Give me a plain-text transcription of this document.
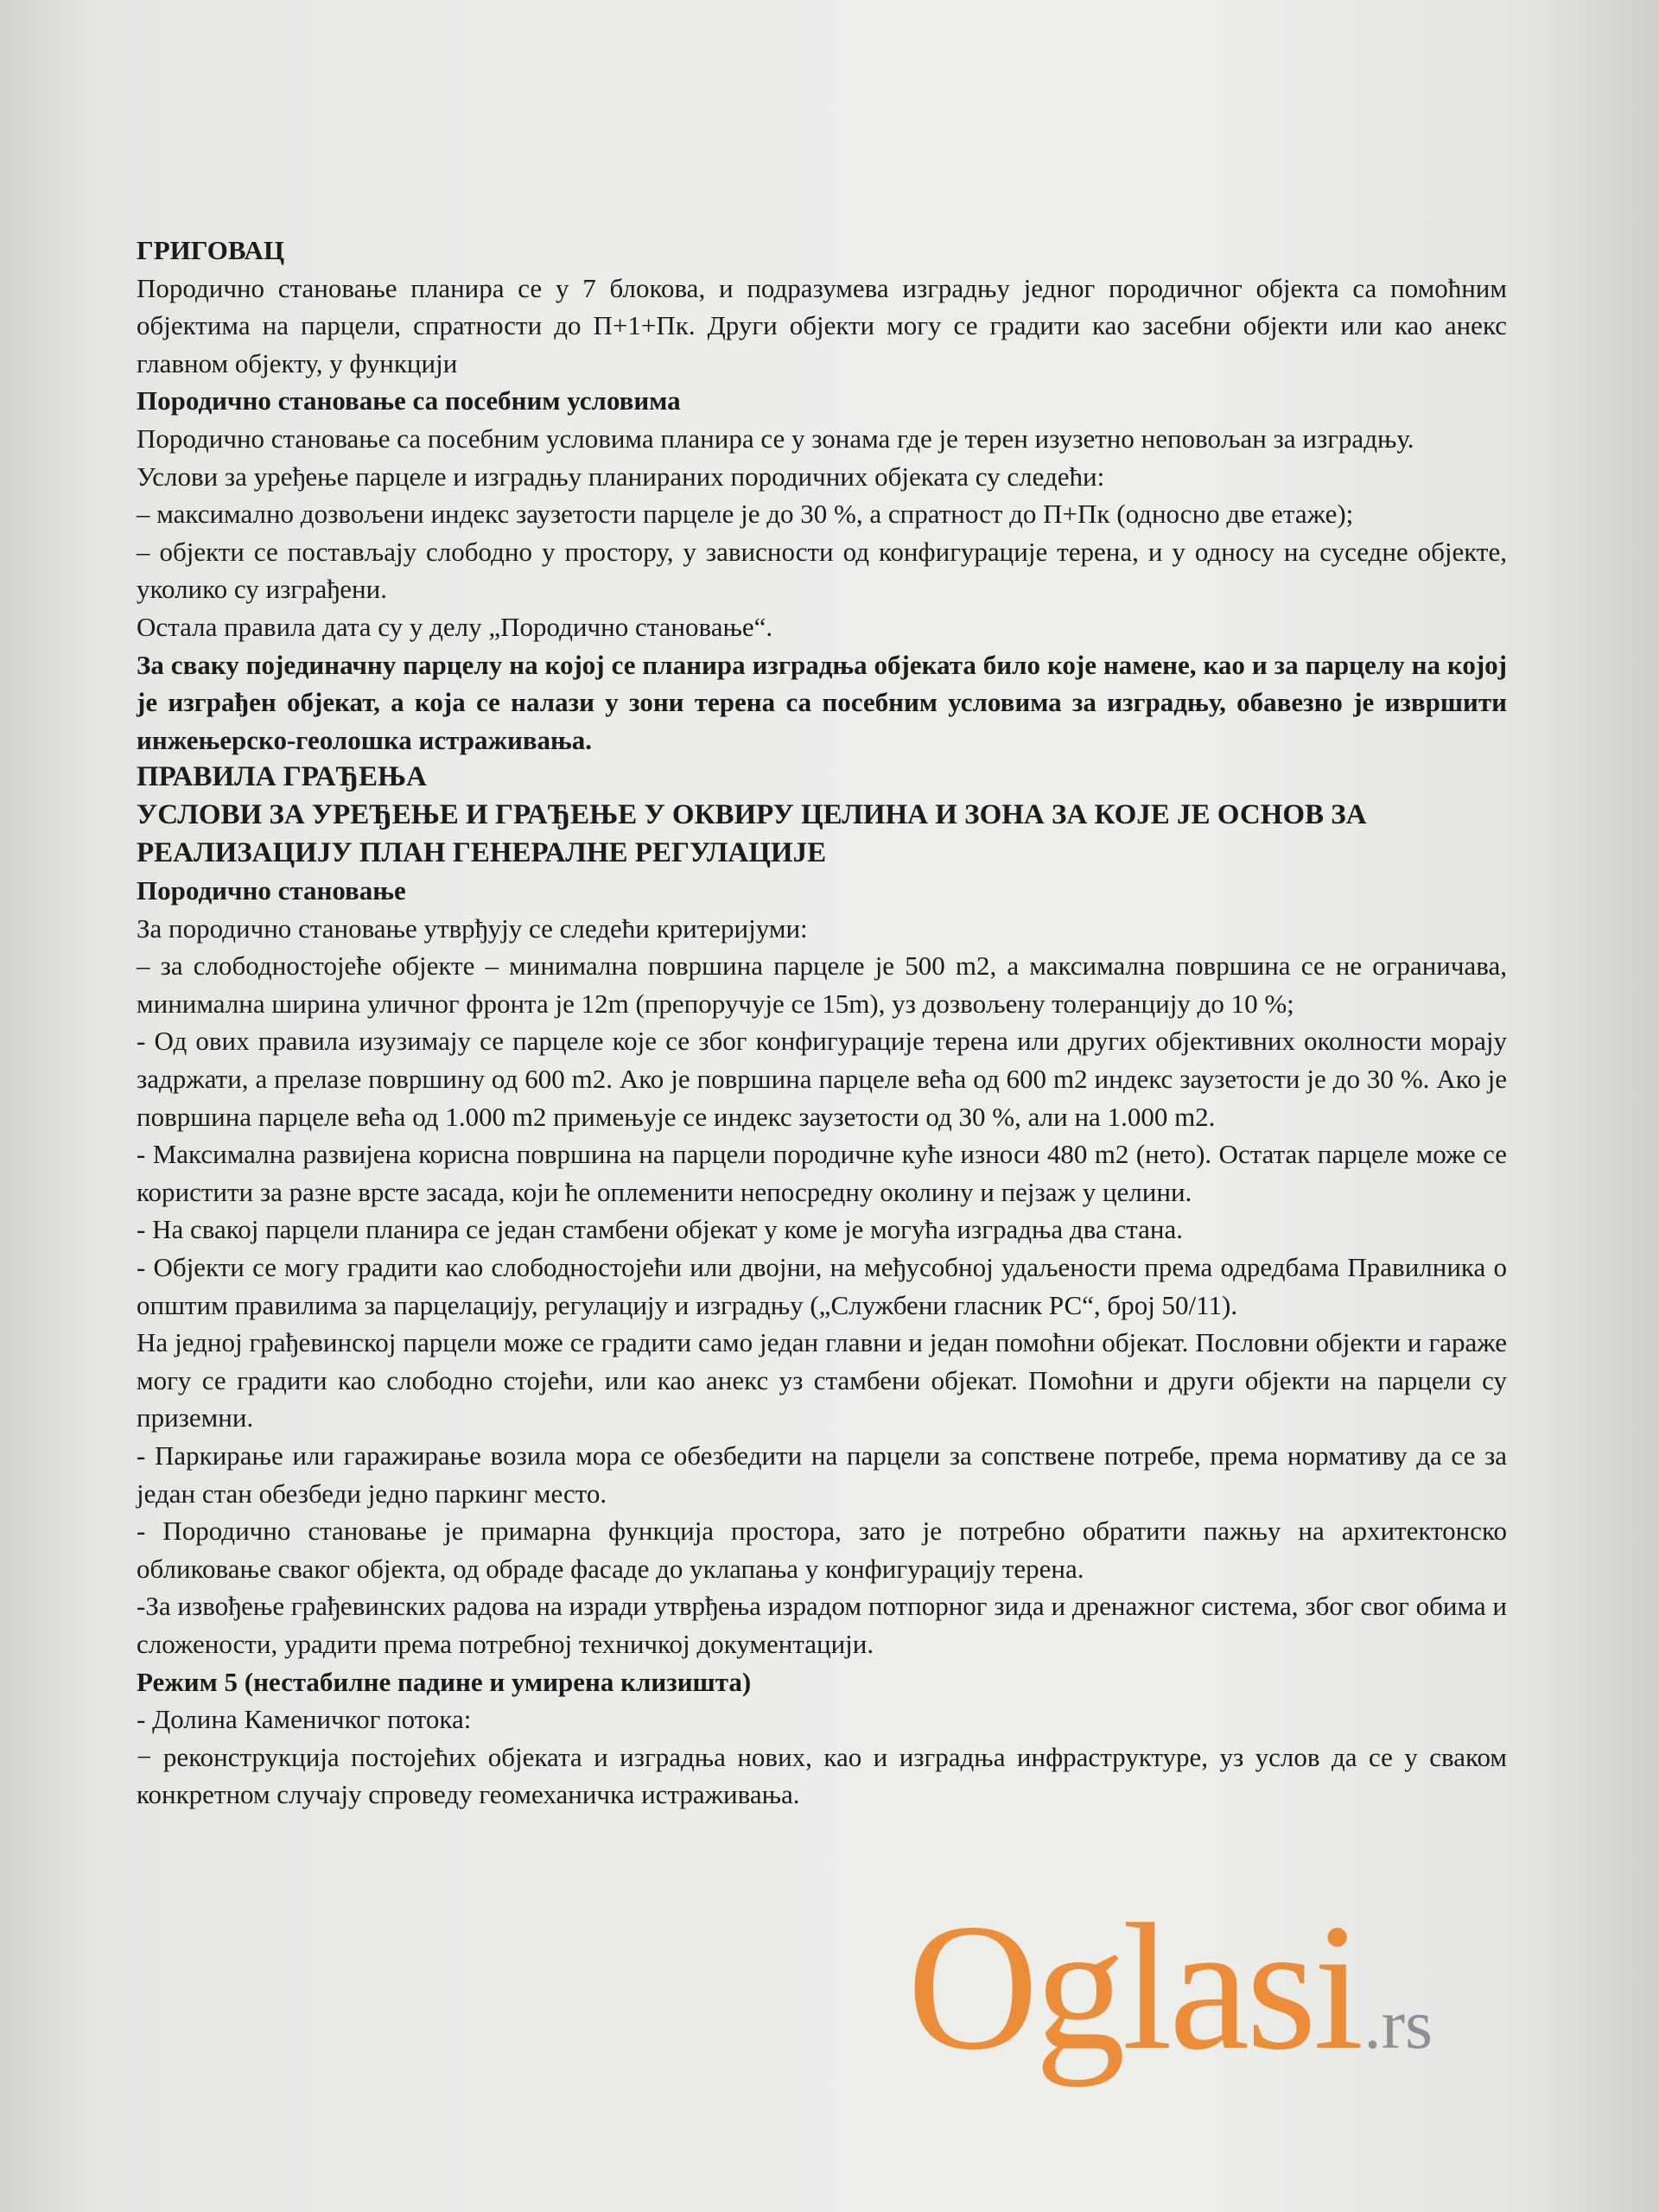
ГРИГОВАЦ

Породично становање планира се у 7 блокова, и подразумева изградњу једног породичног објекта са помоћним објектима на парцели, спратности до П+1+Пк. Други објекти могу се градити као засебни објекти или као анекс главном објекту, у функцији

Породично становање са посебним условима

Породично становање са посебним условима планира се у зонама где је терен изузетно неповољан за изградњу.

Услови за уређење парцеле и изградњу планираних породичних објеката су следећи:

– максимално дозвољени индекс заузетости парцеле је до 30 %, а спратност до П+Пк (односно две етаже);

– објекти се постављају слободно у простору, у зависности од конфигурације терена, и у односу на суседне објекте, уколико су изграђени.

Остала правила дата су у делу „Породично становање“.

За сваку појединачну парцелу на којој се планира изградња објеката било које намене, као и за парцелу на којој је изграђен објекат, а која се налази у зони терена са посебним условима за изградњу, обавезно је извршити инжењерско-геолошка истраживања.

ПРАВИЛА ГРАЂЕЊА

УСЛОВИ ЗА УРЕЂЕЊЕ И ГРАЂЕЊЕ У ОКВИРУ ЦЕЛИНА И ЗОНА ЗА КОЈЕ ЈЕ ОСНОВ ЗА РЕАЛИЗАЦИЈУ ПЛАН ГЕНЕРАЛНЕ РЕГУЛАЦИЈЕ

Породично становање

За породично становање утврђују се следећи критеријуми:

– за слободностојеће објекте – минимална површина парцеле је 500 m2, а максимална површина се не ограничава, минимална ширина уличног фронта је 12m (препоручује се 15m), уз дозвољену толеранцију до 10 %;

- Од ових правила изузимају се парцеле које се због конфигурације терена или других објективних околности морају задржати, а прелазе површину од 600 m2. Ако је површина парцеле већа од 600 m2 индекс заузетости је до 30 %. Ако је површина парцеле већа од 1.000 m2 примењује се индекс заузетости од 30 %, али на 1.000 m2.

- Максимална развијена корисна површина на парцели породичне куће износи 480 m2 (нето). Остатак парцеле може се користити за разне врсте засада, који ће оплеменити непосредну околину и пејзаж у целини.

- На свакој парцели планира се један стамбени објекат у коме је могућа изградња два стана.

- Објекти се могу градити као слободностојећи или двојни, на међусобној удаљености према одредбама Правилника о општим правилима за парцелацију, регулацију и изградњу („Службени гласник РС“, број 50/11).

На једној грађевинској парцели може се градити само један главни и један помоћни објекат. Пословни објекти и гараже могу се градити као слободно стојећи, или као анекс уз стамбени објекат. Помоћни и други објекти на парцели су приземни.

- Паркирање или гаражирање возила мора се обезбедити на парцели за сопствене потребе, према нормативу да се за један стан обезбеди једно паркинг место.

- Породично становање је примарна функција простора, зато је потребно обратити пажњу на архитектонско обликовање сваког објекта, од обраде фасаде до уклапања у конфигурацију терена.

-За извођење грађевинских радова на изради утврђења израдом потпорног зида и дренажног система, због свог обима и сложености, урадити према потребној техничкој документацији.

Режим 5 (нестабилне падине и умирена клизишта)

- Долина Каменичког потока:

− реконструкција постојећих објеката и изградња нових, као и изградња инфраструктуре, уз услов да се у сваком конкретном случају спроведу геомеханичка истраживања.

Oglasi.rs
